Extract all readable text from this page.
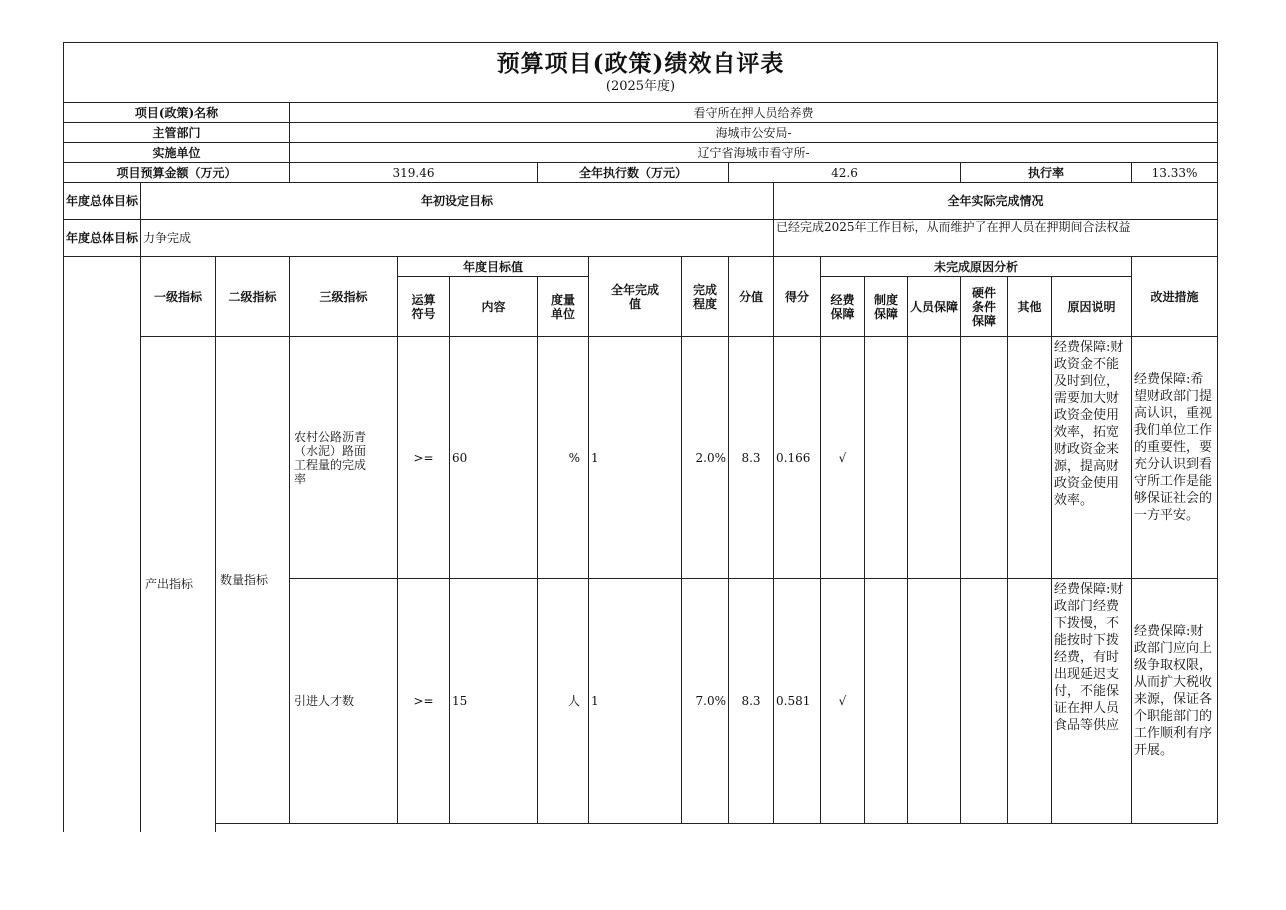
预算项目(政策)绩效自评表
(2025年度)																	

项目(政策)名称			看守所在押人员给养费														
主管部门			海城市公安局-														
实施单位			辽宁省海城市看守所-														
项目预算金额（万元）			319.46			全年执行数（万元）			42.6					执行率			13.33%
年度总体目标	年初设定目标									全年实际完成情况							
年度总体目标	力争完成									已经完成2025年工作目标，从而维护了在押人员在押期间合法权益							
	一级指标	二级指标	三级指标	年度目标值			全年完成值	完成程度	分值	得分	未完成原因分析						改进措施
				运算符号	内容	度量单位					经费保障	制度保障	人员保障	硬件条件保障	其他	原因说明	
	产出指标	数量指标	农村公路沥青（水泥）路面工程量的完成率	>=	60	%	1	2.0%	8.3	0.166	√					经费保障:财政资金不能及时到位，需要加大财政资金使用效率，拓宽财政资金来源，提高财政资金使用效率。	经费保障:希望财政部门提高认识，重视我们单位工作的重要性，要充分认识到看守所工作是能够保证社会的一方平安。
			引进人才数	>=	15	人	1	7.0%	8.3	0.581	√					经费保障:财政部门经费下拨慢，不能按时下拨经费，有时出现延迟支付，不能保证在押人员食品等供应	经费保障:财政部门应向上级争取权限，从而扩大税收来源，保证各个职能部门的工作顺利有序开展。
